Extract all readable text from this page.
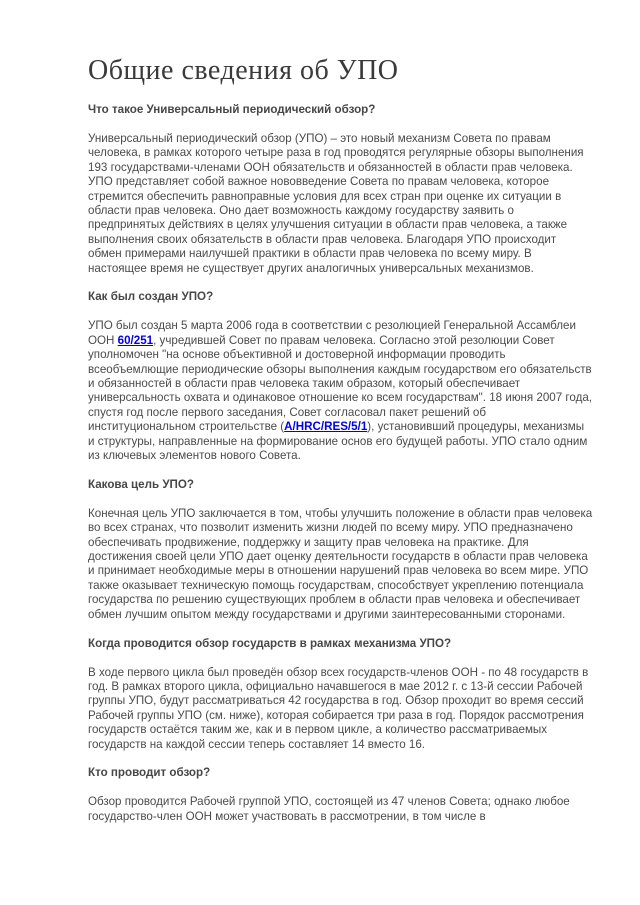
Общие сведения об УПО
Что такое Универсальный периодический обзор?

Универсальный периодический обзор (УПО) – это новый механизм Совета по правам человека, в рамках которого четыре раза в год проводятся регулярные обзоры выполнения 193 государствами-членами ООН обязательств и обязанностей в области прав человека. УПО представляет собой важное нововведение Совета по правам человека, которое стремится обеспечить равноправные условия для всех стран при оценке их ситуации в области прав человека. Оно дает возможность каждому государству заявить о предпринятых действиях в целях улучшения ситуации в области прав человека, а также выполнения своих обязательств в области прав человека. Благодаря УПО происходит обмен примерами наилучшей практики в области прав человека по всему миру. В настоящее время не существует других аналогичных универсальных механизмов.

Как был создан УПО?

УПО был создан 5 марта 2006 года в соответствии с резолюцией Генеральной Ассамблеи ООН 60/251, учредившей Совет по правам человека. Согласно этой резолюции Совет уполномочен "на основе объективной и достоверной информации проводить всеобъемлющие периодические обзоры выполнения каждым государством его обязательств и обязанностей в области прав человека таким образом, который обеспечивает универсальность охвата и одинаковое отношение ко всем государствам". 18 июня 2007 года, спустя год после первого заседания, Совет согласовал пакет решений об институциональном строительстве (A/HRC/RES/5/1), установивший процедуры, механизмы и структуры, направленные на формирование основ его будущей работы. УПО стало одним из ключевых элементов нового Совета.

Какова цель УПО?

Конечная цель УПО заключается в том, чтобы улучшить положение в области прав человека во всех странах, что позволит изменить жизни людей по всему миру. УПО предназначено обеспечивать продвижение, поддержку и защиту прав человека на практике. Для достижения своей цели УПО дает оценку деятельности государств в области прав человека и принимает необходимые меры в отношении нарушений прав человека во всем мире. УПО также оказывает техническую помощь государствам, способствует укреплению потенциала государства по решению существующих проблем в области прав человека и обеспечивает обмен лучшим опытом между государствами и другими заинтересованными сторонами.

Когда проводится обзор государств в рамках механизма УПО?

В ходе первого цикла был проведён обзор всех государств-членов ООН - по 48 государств в год. В рамках второго цикла, официально начавшегося в мае 2012 г. с 13-й сессии Рабочей группы УПО, будут рассматриваться 42 государства в год. Обзор проходит во время сессий Рабочей группы УПО (см. ниже), которая собирается три раза в год. Порядок рассмотрения государств остаётся таким же, как и в первом цикле, а количество рассматриваемых государств на каждой сессии теперь составляет 14 вместо 16.

Кто проводит обзор?

Обзор проводится Рабочей группой УПО, состоящей из 47 членов Совета; однако любое государство-член ООН может участвовать в рассмотрении, в том числе в
